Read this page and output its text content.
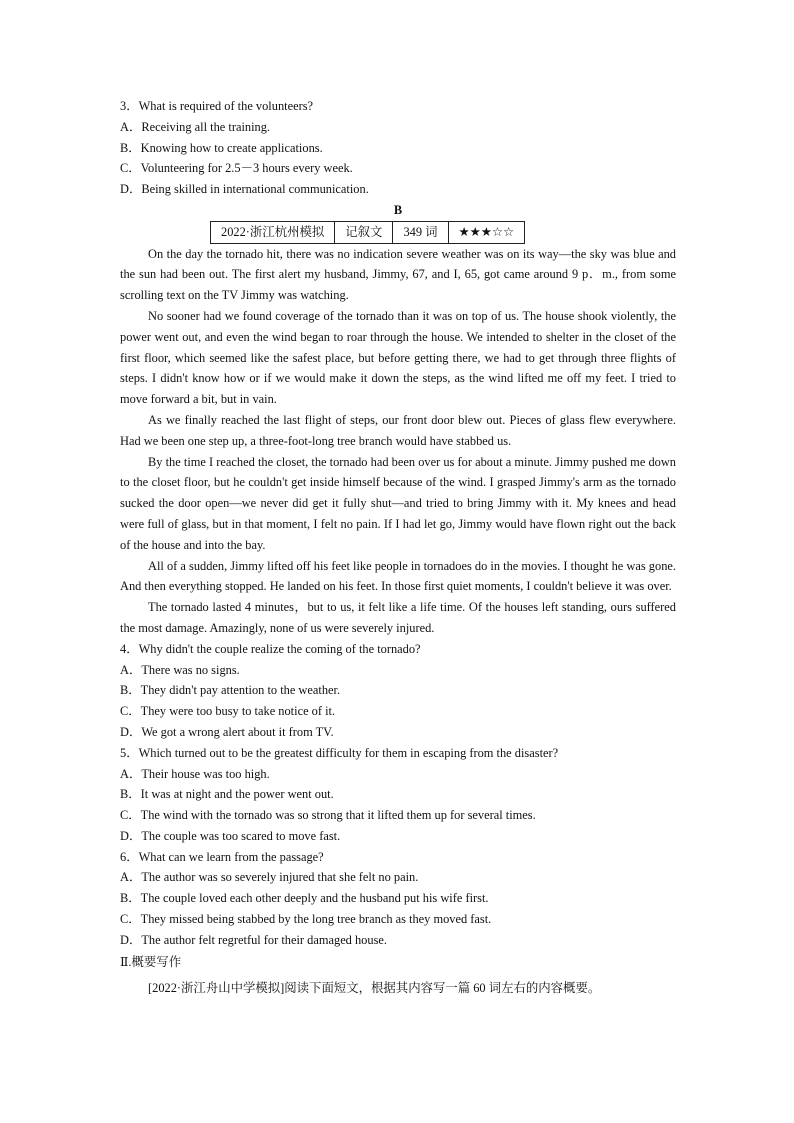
3．What is required of the volunteers?
A．Receiving all the training.
B．Knowing how to create applications.
C．Volunteering for 2.5－3 hours every week.
D．Being skilled in international communication.
B
2022·浙江杭州模拟	记叙文	349 词	★★★☆☆

On the day the tornado hit, there was no indication severe weather was on its way—the sky was blue and the sun had been out. The first alert my husband, Jimmy, 67, and I, 65, got came around 9 p．m., from some scrolling text on the TV Jimmy was watching.

No sooner had we found coverage of the tornado than it was on top of us. The house shook violently, the power went out, and even the wind began to roar through the house. We intended to shelter in the closet of the first floor, which seemed like the safest place, but before getting there, we had to get through three flights of steps. I didn't know how or if we would make it down the steps, as the wind lifted me off my feet. I tried to move forward a bit, but in vain.

As we finally reached the last flight of steps, our front door blew out. Pieces of glass flew everywhere. Had we been one step up, a three-foot-long tree branch would have stabbed us.

By the time I reached the closet, the tornado had been over us for about a minute. Jimmy pushed me down to the closet floor, but he couldn't get inside himself because of the wind. I grasped Jimmy's arm as the tornado sucked the door open—we never did get it fully shut—and tried to bring Jimmy with it. My knees and head were full of glass, but in that moment, I felt no pain. If I had let go, Jimmy would have flown right out the back of the house and into the bay.

All of a sudden, Jimmy lifted off his feet like people in tornadoes do in the movies. I thought he was gone. And then everything stopped. He landed on his feet. In those first quiet moments, I couldn't believe it was over.

The tornado lasted 4 minutes，but to us, it felt like a life time. Of the houses left standing, ours suffered the most damage. Amazingly, none of us were severely injured.

4．Why didn't the couple realize the coming of the tornado?
A．There was no signs.
B．They didn't pay attention to the weather.
C．They were too busy to take notice of it.
D．We got a wrong alert about it from TV.
5．Which turned out to be the greatest difficulty for them in escaping from the disaster?
A．Their house was too high.
B．It was at night and the power went out.
C．The wind with the tornado was so strong that it lifted them up for several times.
D．The couple was too scared to move fast.
6．What can we learn from the passage?
A．The author was so severely injured that she felt no pain.
B．The couple loved each other deeply and the husband put his wife first.
C．They missed being stabbed by the long tree branch as they moved fast.
D．The author felt regretful for their damaged house.
Ⅱ.概要写作
[2022·浙江舟山中学模拟]阅读下面短文，根据其内容写一篇 60 词左右的内容概要。
